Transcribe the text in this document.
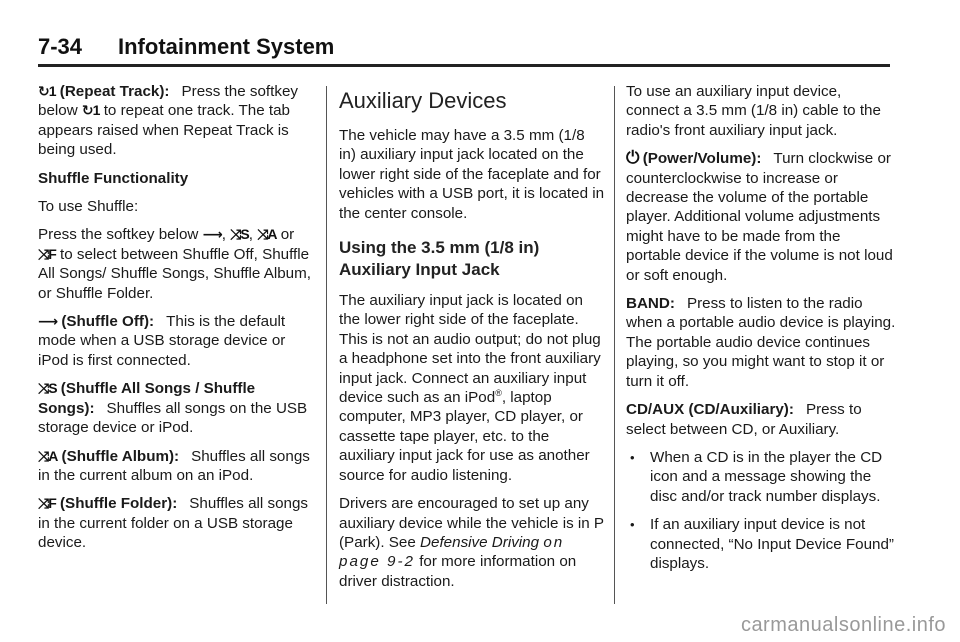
7-34 Infotainment System

↻1 (Repeat Track): Press the softkey below ↻1 to repeat one track. The tab appears raised when Repeat Track is being used.

Shuffle Functionality

To use Shuffle:

Press the softkey below ⟶, ⤨S, ⤨A or ⤨F to select between Shuffle Off, Shuffle All Songs/ Shuffle Songs, Shuffle Album, or Shuffle Folder.

⟶ (Shuffle Off): This is the default mode when a USB storage device or iPod is first connected.

⤨S (Shuffle All Songs / Shuffle Songs): Shuffles all songs on the USB storage device or iPod.

⤨A (Shuffle Album): Shuffles all songs in the current album on an iPod.

⤨F (Shuffle Folder): Shuffles all songs in the current folder on a USB storage device.

Auxiliary Devices

The vehicle may have a 3.5 mm (1/8 in) auxiliary input jack located on the lower right side of the faceplate and for vehicles with a USB port, it is located in the center console.

Using the 3.5 mm (1/8 in) Auxiliary Input Jack

The auxiliary input jack is located on the lower right side of the faceplate. This is not an audio output; do not plug a headphone set into the front auxiliary input jack. Connect an auxiliary input device such as an iPod®, laptop computer, MP3 player, CD player, or cassette tape player, etc. to the auxiliary input jack for use as another source for audio listening.

Drivers are encouraged to set up any auxiliary device while the vehicle is in P (Park). See Defensive Driving on page 9-2 for more information on driver distraction.

To use an auxiliary input device, connect a 3.5 mm (1/8 in) cable to the radio's front auxiliary input jack.

⏻ (Power/Volume): Turn clockwise or counterclockwise to increase or decrease the volume of the portable player. Additional volume adjustments might have to be made from the portable device if the volume is not loud or soft enough.

BAND: Press to listen to the radio when a portable audio device is playing. The portable audio device continues playing, so you might want to stop it or turn it off.

CD/AUX (CD/Auxiliary): Press to select between CD, or Auxiliary.

• When a CD is in the player the CD icon and a message showing the disc and/or track number displays.
• If an auxiliary input device is not connected, “No Input Device Found” displays.
carmanualsonline.info
